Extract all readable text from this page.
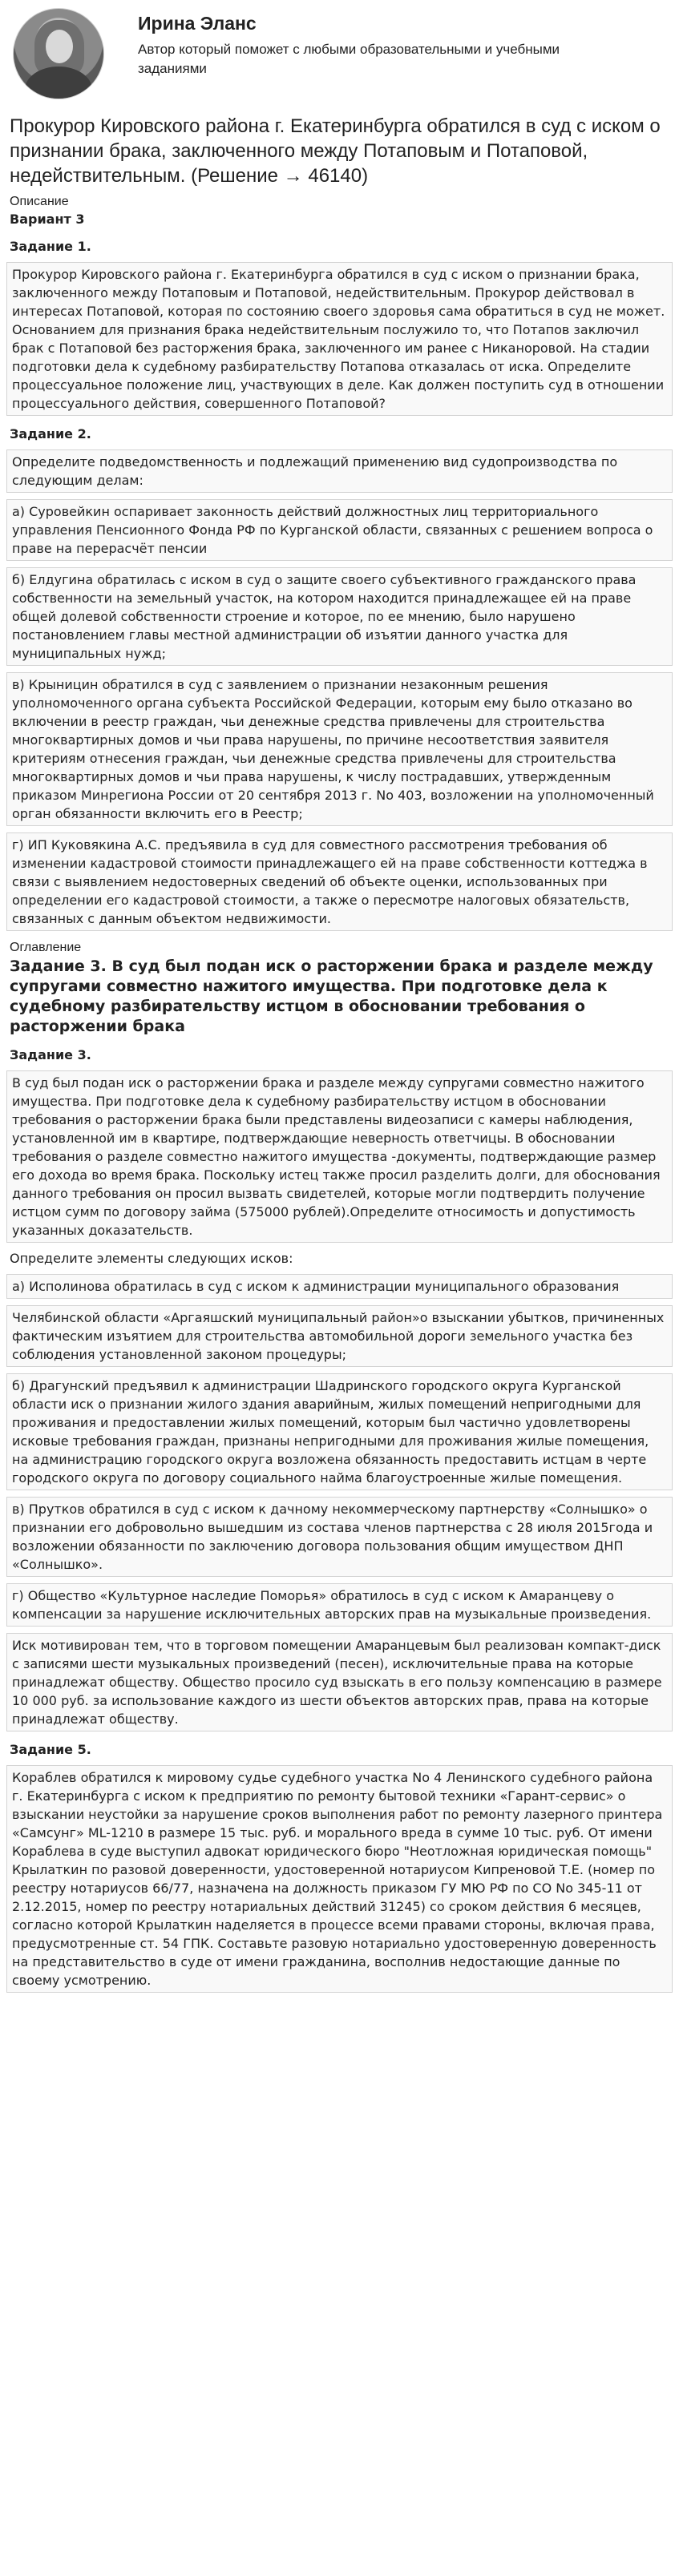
Ирина Эланс
Автор который поможет с любыми образовательными и учебными заданиями
Прокурор Кировского района г. Екатеринбурга обратился в суд с иском о признании брака, заключенного между Потаповым и Потаповой, недействительным. (Решение → 46140)
Описание
Вариант 3
Задание 1.
Прокурор Кировского района г. Екатеринбурга обратился в суд с иском о признании брака, заключенного между Потаповым и Потаповой, недействительным. Прокурор действовал в интересах Потаповой, которая по состоянию своего здоровья сама обратиться в суд не может. Основанием для признания брака недействительным послужило то, что Потапов заключил брак с Потаповой без расторжения брака, заключенного им ранее с Никаноровой. На стадии подготовки дела к судебному разбирательству Потапова отказалась от иска. Определите процессуальное положение лиц, участвующих в деле. Как должен поступить суд в отношении процессуального действия, совершенного Потаповой?
Задание 2.
Определите подведомственность и подлежащий применению вид судопроизводства по следующим делам:
а) Суровейкин оспаривает законность действий должностных лиц территориального управления Пенсионного Фонда РФ по Курганской области, связанных с решением вопроса о праве на перерасчёт пенсии
б) Елдугина обратилась с иском в суд о защите своего субъективного гражданского права собственности на земельный участок, на котором находится принадлежащее ей на праве общей долевой собственности строение и которое, по ее мнению, было нарушено постановлением главы местной администрации об изъятии данного участка для муниципальных нужд;
в) Крыницин обратился в суд с заявлением о признании незаконным решения уполномоченного органа субъекта Российской Федерации, которым ему было отказано во включении в реестр граждан, чьи денежные средства привлечены для строительства многоквартирных домов и чьи права нарушены, по причине несоответствия заявителя критериям отнесения граждан, чьи денежные средства привлечены для строительства многоквартирных домов и чьи права нарушены, к числу пострадавших, утвержденным приказом Минрегиона России от 20 сентября 2013 г. No 403, возложении на уполномоченный орган обязанности включить его в Реестр;
г) ИП Куковякина А.С. предъявила в суд для совместного рассмотрения требования об изменении кадастровой стоимости принадлежащего ей на праве собственности коттеджа в связи с выявлением недостоверных сведений об объекте оценки, использованных при определении его кадастровой стоимости, а также о пересмотре налоговых обязательств, связанных с данным объектом недвижимости.
Оглавление
Задание 3. В суд был подан иск о расторжении брака и разделе между супругами совместно нажитого имущества. При подготовке дела к судебному разбирательству истцом в обосновании требования о расторжении брака
Задание 3.
В суд был подан иск о расторжении брака и разделе между супругами совместно нажитого имущества. При подготовке дела к судебному разбирательству истцом в обосновании требования о расторжении брака были представлены видеозаписи с камеры наблюдения, установленной им в квартире, подтверждающие неверность ответчицы. В обосновании требования о разделе совместно нажитого имущества -документы, подтверждающие размер его дохода во время брака. Поскольку истец также просил разделить долги, для обоснования данного требования он просил вызвать свидетелей, которые могли подтвердить получение истцом сумм по договору займа (575000 рублей).Определите относимость и допустимость указанных доказательств.
Определите элементы следующих исков:
а) Исполинова обратилась в суд с иском к администрации муниципального образования
Челябинской области «Аргаяшский муниципальный район»о взыскании убытков, причиненных фактическим изъятием для строительства автомобильной дороги земельного участка без соблюдения установленной законом процедуры;
б) Драгунский предъявил к администрации Шадринского городского округа Курганской области иск о признании жилого здания аварийным, жилых помещений непригодными для проживания и предоставлении жилых помещений, которым был частично удовлетворены исковые требования граждан, признаны непригодными для проживания жилые помещения, на администрацию городского округа возложена обязанность предоставить истцам в черте городского округа по договору социального найма благоустроенные жилые помещения.
в) Прутков обратился в суд с иском к дачному некоммерческому партнерству «Солнышко» о признании его добровольно вышедшим из состава членов партнерства с 28 июля 2015года и возложении обязанности по заключению договора пользования общим имуществом ДНП «Солнышко».
г) Общество «Культурное наследие Поморья» обратилось в суд с иском к Амаранцеву о компенсации за нарушение исключительных авторских прав на музыкальные произведения.
Иск мотивирован тем, что в торговом помещении Амаранцевым был реализован компакт-диск с записями шести музыкальных произведений (песен), исключительные права на которые принадлежат обществу. Общество просило суд взыскать в его пользу компенсацию в размере 10 000 руб. за использование каждого из шести объектов авторских прав, права на которые принадлежат обществу.
Задание 5.
Кораблев обратился к мировому судье судебного участка No 4 Ленинского судебного района г. Екатеринбурга с иском к предприятию по ремонту бытовой техники «Гарант-сервис» о взыскании неустойки за нарушение сроков выполнения работ по ремонту лазерного принтера «Самсунг» ML-1210 в размере 15 тыс. руб. и морального вреда в сумме 10 тыс. руб. От имени Кораблева в суде выступил адвокат юридического бюро "Неотложная юридическая помощь" Крылаткин по разовой доверенности, удостоверенной нотариусом Кипреновой Т.Е. (номер по реестру нотариусов 66/77, назначена на должность приказом ГУ МЮ РФ по СО No 345-11 от 2.12.2015, номер по реестру нотариальных действий 31245) со сроком действия 6 месяцев, согласно которой Крылаткин наделяется в процессе всеми правами стороны, включая права, предусмотренные ст. 54 ГПК. Составьте разовую нотариально удостоверенную доверенность на представительство в суде от имени гражданина, восполнив недостающие данные по своему усмотрению.
